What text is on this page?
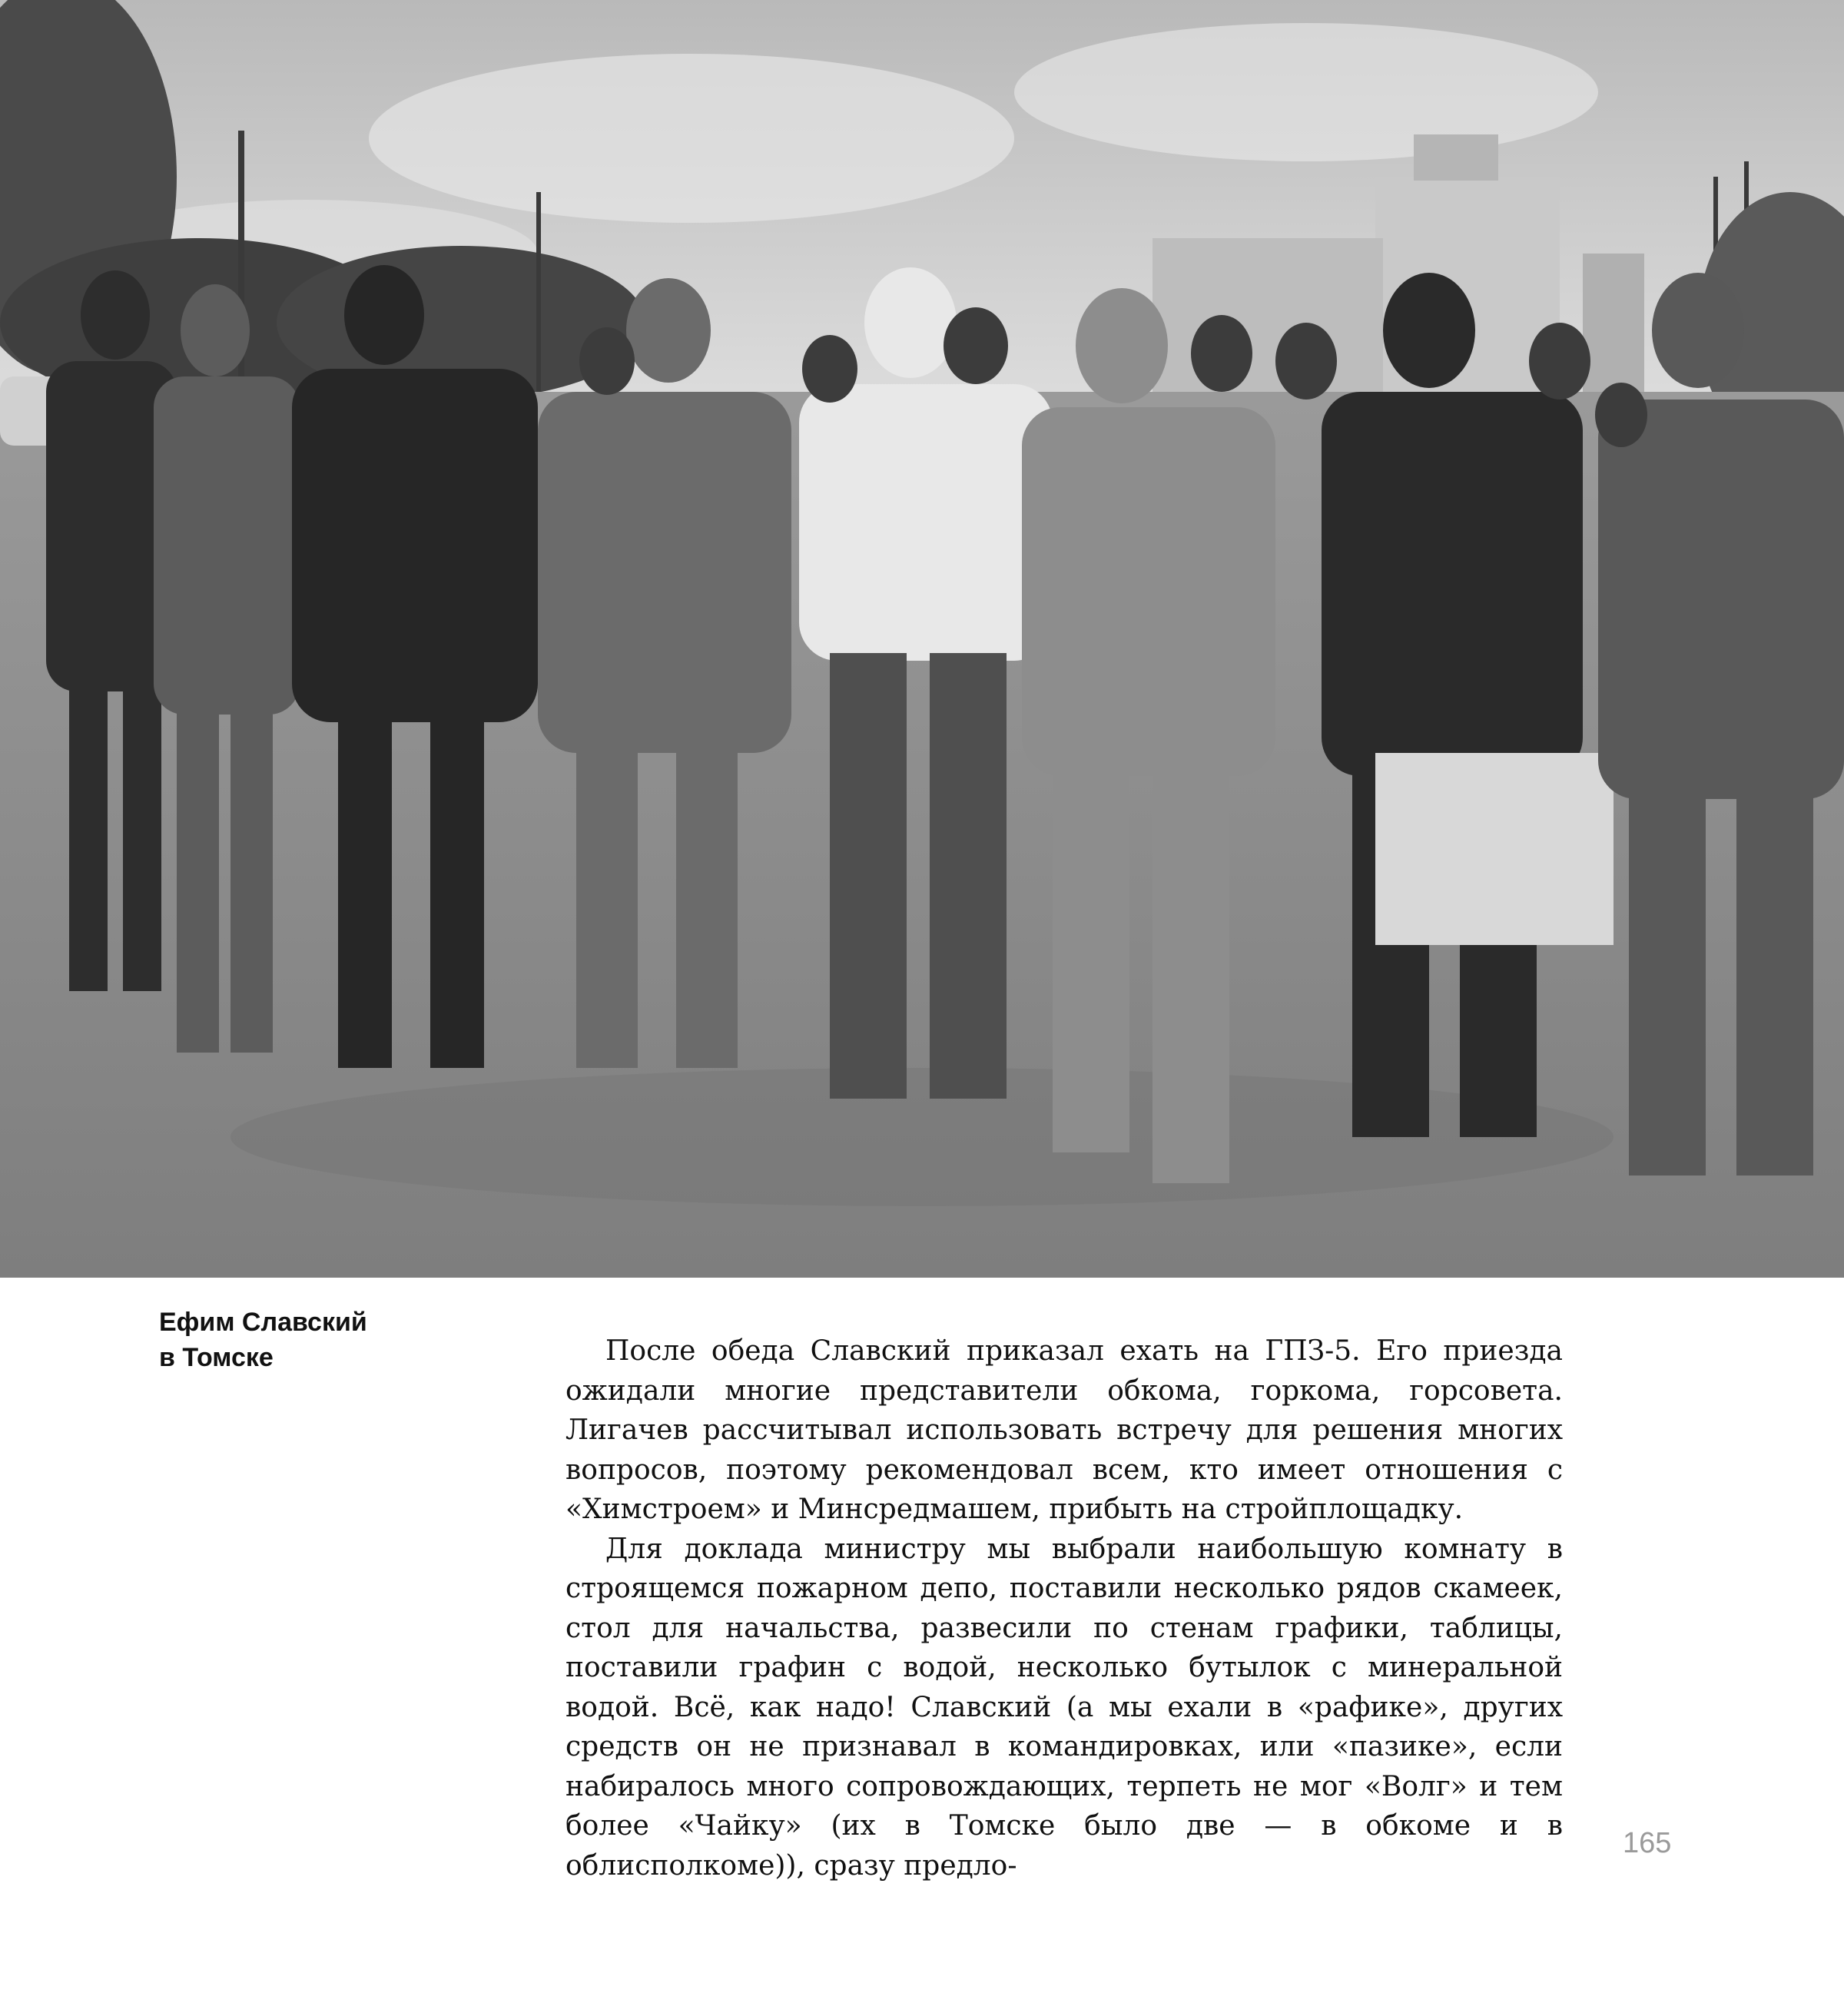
Ефим Славский
в Томске	После обеда Славский приказал ехать на ГПЗ-5. Его приезда ожидали многие представители обкома, горкома, горсовета. Лигачев рассчитывал использовать встречу для решения многих вопросов, поэтому рекомендовал всем, кто имеет отношения с «Химстроем» и Минсредмашем, прибыть на стройплощадку.

Для доклада министру мы выбрали наибольшую комнату в строящемся пожарном депо, поставили несколько рядов скамеек, стол для начальства, развесили по стенам графики, таблицы, поставили графин с водой, несколько бутылок с минеральной водой. Всё, как надо! Славский (а мы ехали в «рафике», других средств он не признавал в командировках, или «пазике», если набиралось много сопровождающих, терпеть не мог «Волг» и тем более «Чайку» (их в Томске было две — в обкоме и в облисполкоме)), сразу предло-

165
